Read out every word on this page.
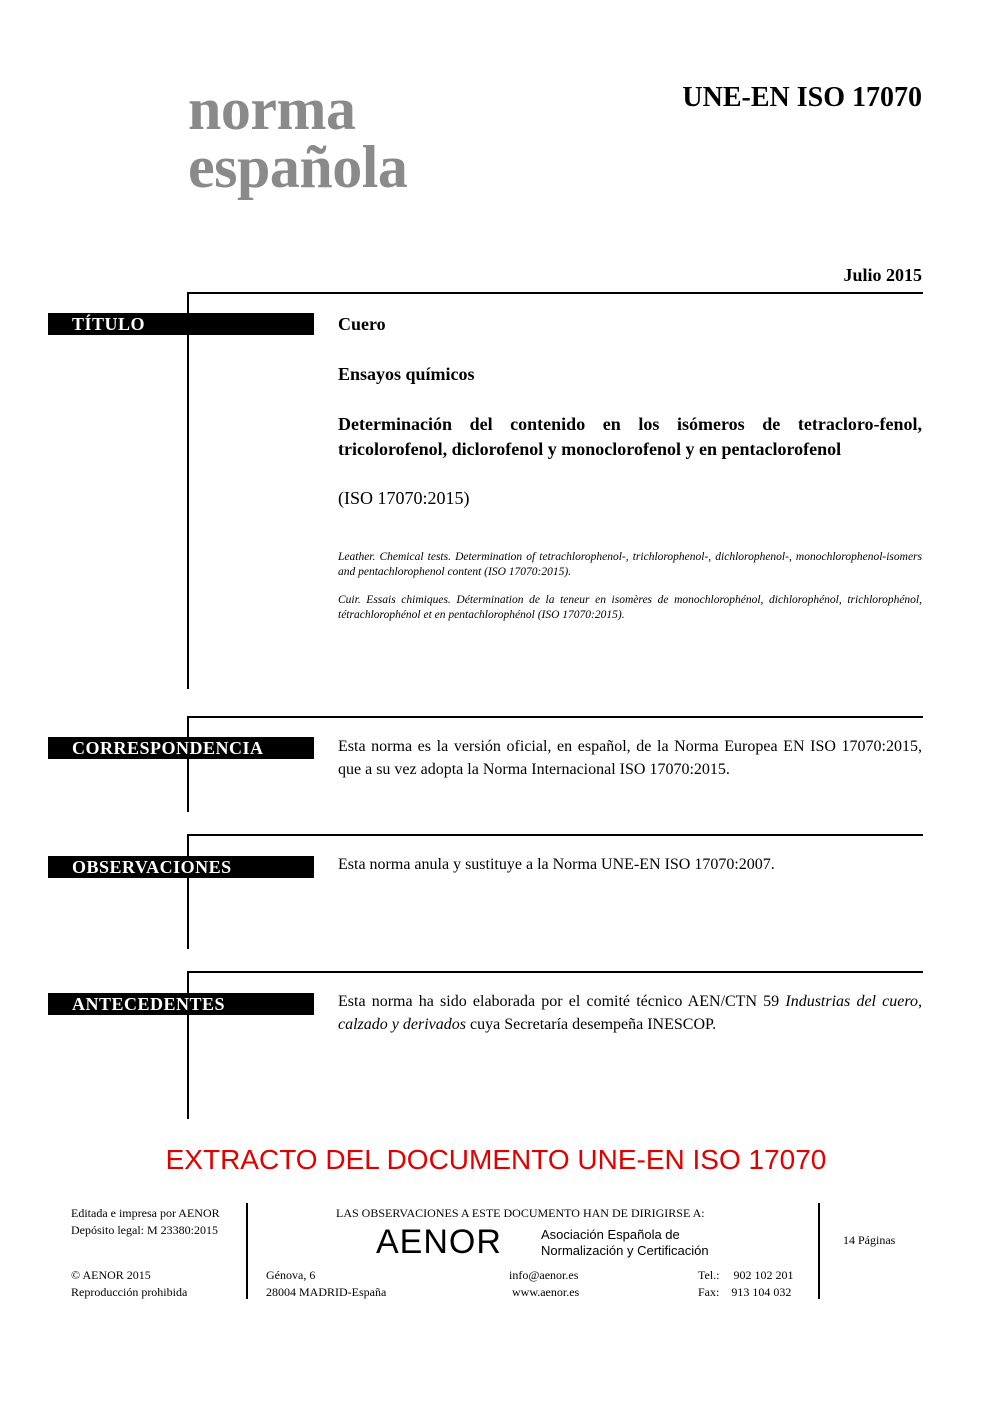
norma
española
UNE-EN ISO 17070
Julio 2015
TÍTULO	Cuero
Ensayos químicos
Determinación del contenido en los isómeros de tetracloro-fenol, tricolorofenol, diclorofenol y monoclorofenol y en pentaclorofenol
(ISO 17070:2015)
Leather. Chemical tests. Determination of tetrachlorophenol-, trichlorophenol-, dichlorophenol-, monochlorophenol-isomers and pentachlorophenol content (ISO 17070:2015).
Cuir. Essais chimiques. Détermination de la teneur en isomères de monochlorophénol, dichlorophénol, trichlorophénol, tétrachlorophénol et en pentachlorophénol (ISO 17070:2015).
CORRESPONDENCIA	Esta norma es la versión oficial, en español, de la Norma Europea EN ISO 17070:2015, que a su vez adopta la Norma Internacional ISO 17070:2015.
OBSERVACIONES	Esta norma anula y sustituye a la Norma UNE-EN ISO 17070:2007.
ANTECEDENTES	Esta norma ha sido elaborada por el comité técnico AEN/CTN 59 Industrias del cuero, calzado y derivados cuya Secretaría desempeña INESCOP.
EXTRACTO DEL DOCUMENTO UNE-EN ISO 17070
Editada e impresa por AENOR
Depósito legal: M 23380:2015
© AENOR 2015
Reproducción prohibida
LAS OBSERVACIONES A ESTE DOCUMENTO HAN DE DIRIGIRSE A:
AENOR	Asociación Española de
Normalización y Certificación
Génova, 6
28004 MADRID-España
info@aenor.es
www.aenor.es
Tel.: 902 102 201
Fax: 913 104 032
14 Páginas
